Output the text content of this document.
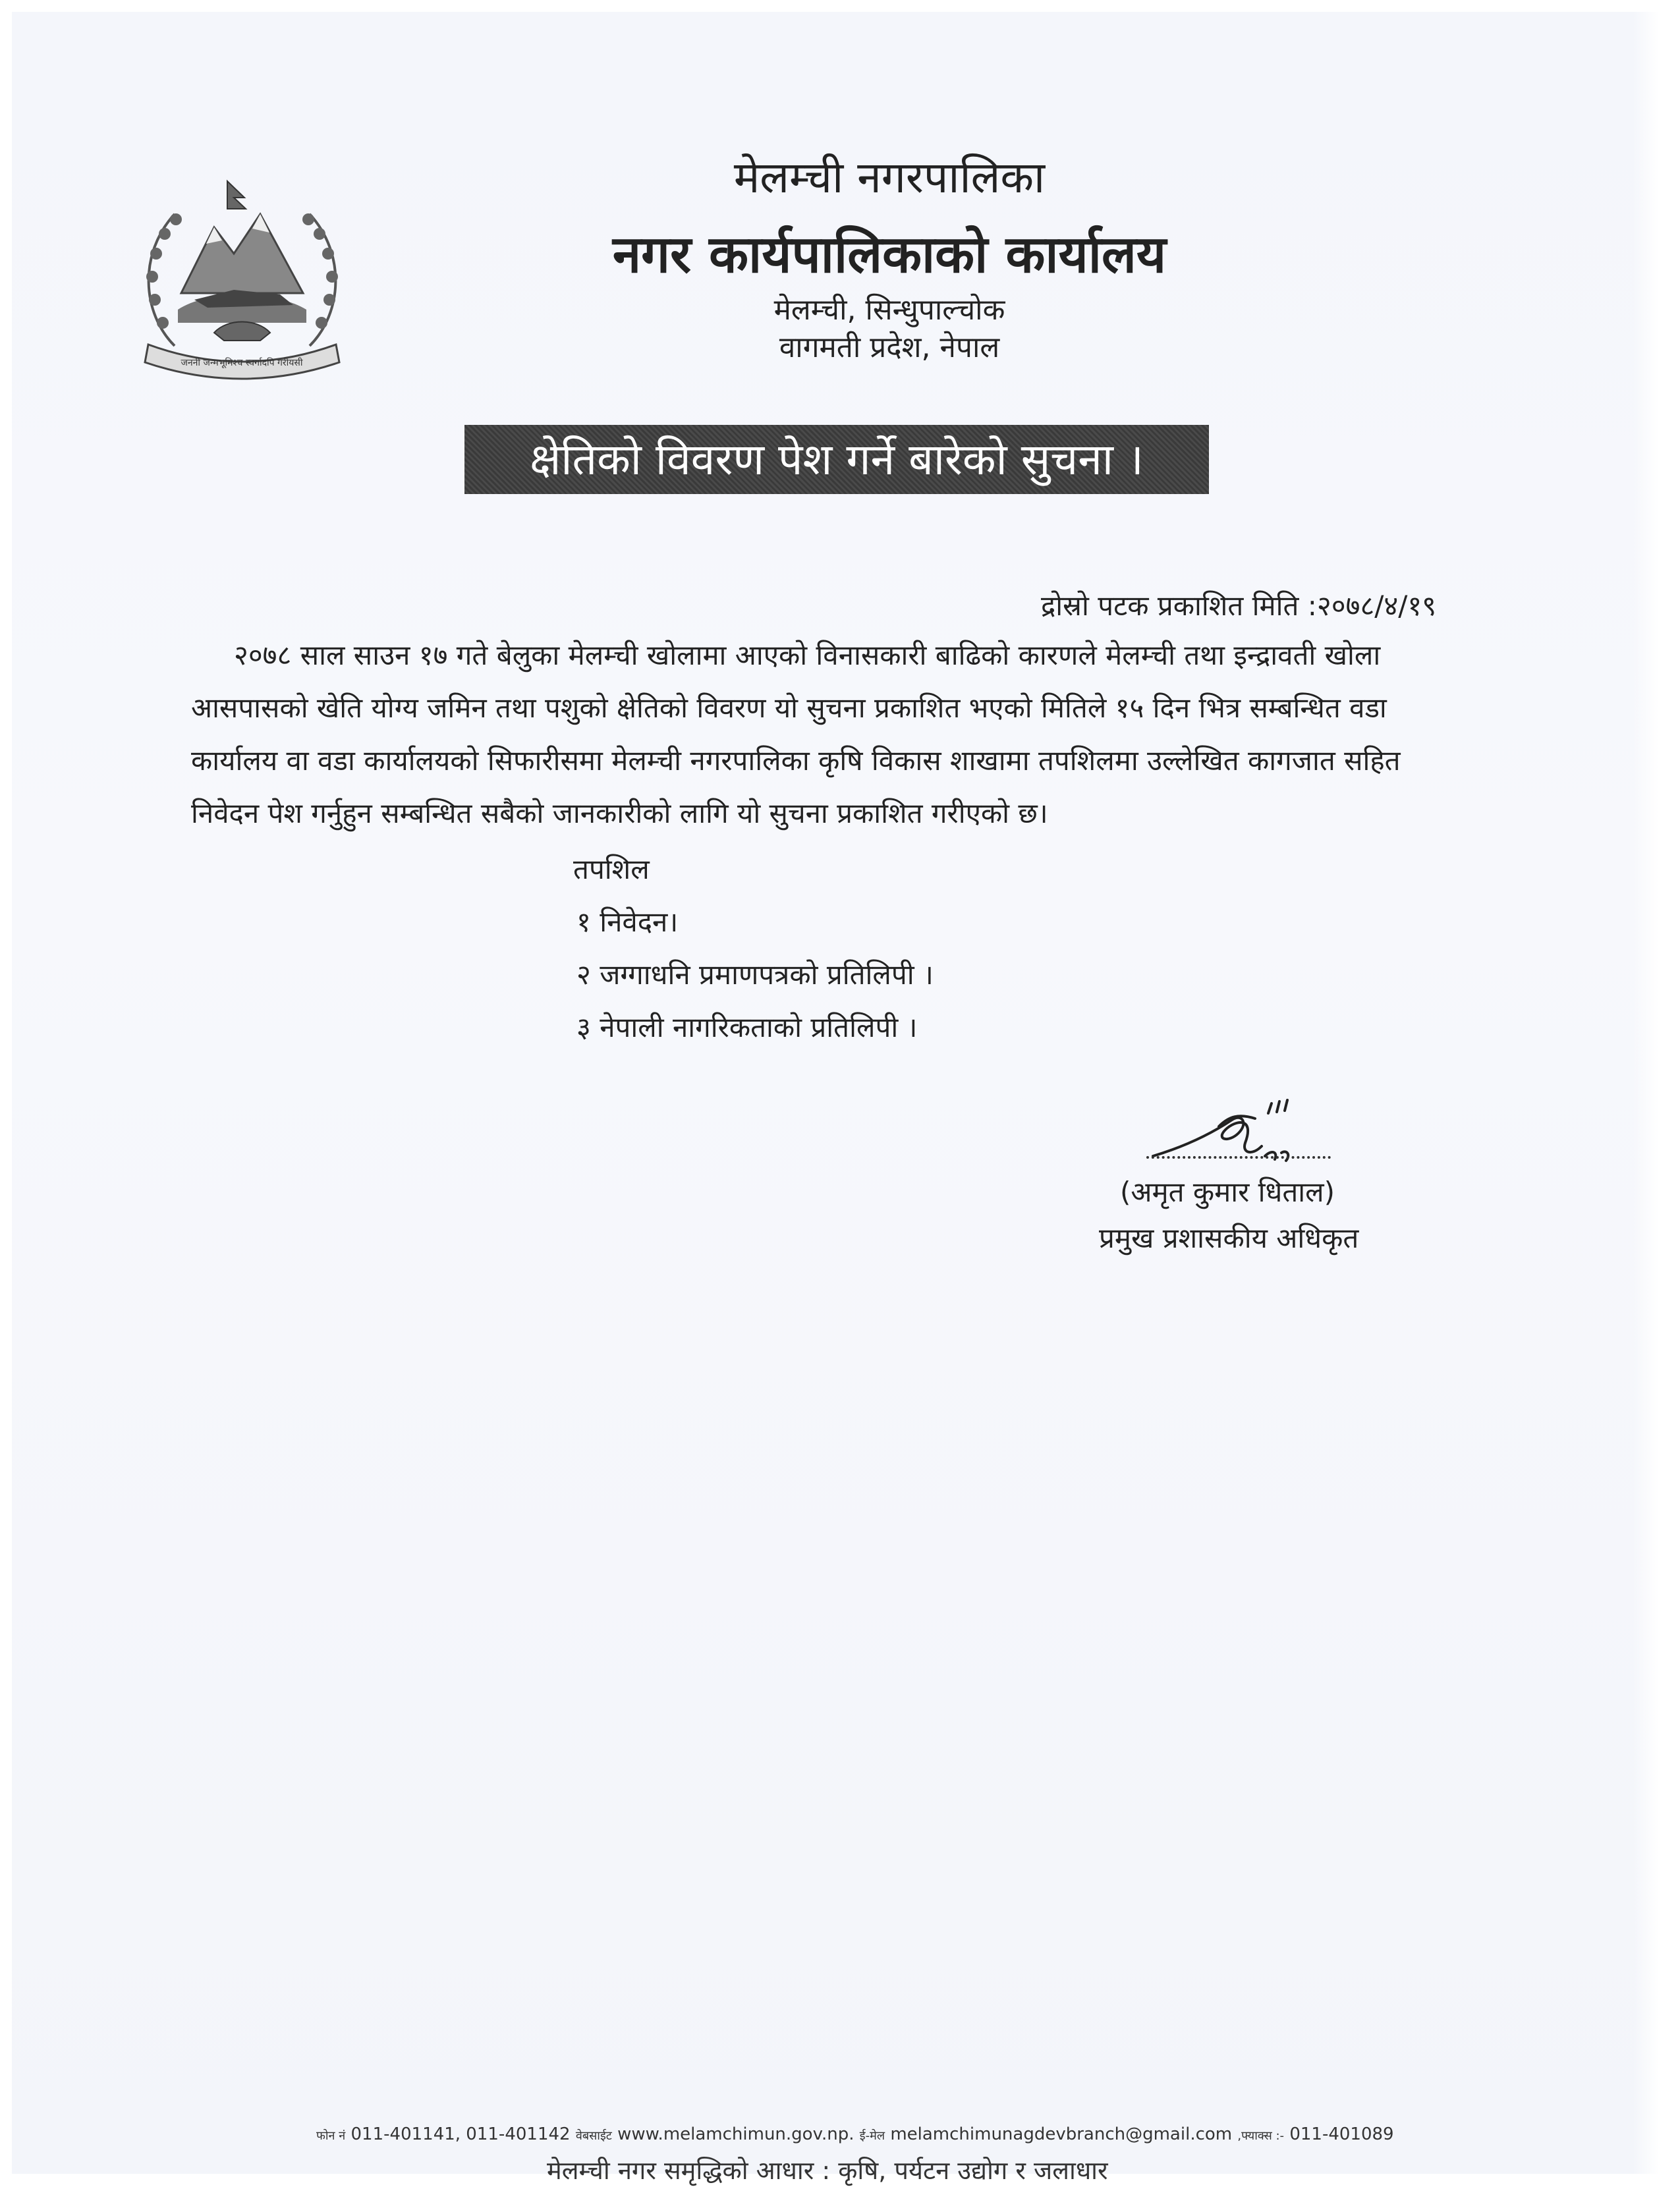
जननी जन्मभूमिश्च स्वर्गादपि गरीयसी
मेलम्ची नगरपालिका
नगर कार्यपालिकाको कार्यालय
मेलम्ची, सिन्धुपाल्चोक
वागमती प्रदेश, नेपाल
क्षेतिको विवरण पेश गर्ने बारेको सुचना ।
द्रोस्रो पटक प्रकाशित मिति :२०७८/४/१९
२०७८ साल साउन १७ गते बेलुका मेलम्ची खोलामा आएको विनासकारी बाढिको कारणले मेलम्ची तथा इन्द्रावती खोला
आसपासको खेति योग्य जमिन तथा पशुको क्षेतिको विवरण यो सुचना प्रकाशित भएको मितिले १५ दिन भित्र सम्बन्धित वडा
कार्यालय वा वडा कार्यालयको सिफारीसमा मेलम्ची नगरपालिका कृषि विकास शाखामा तपशिलमा उल्लेखित कागजात सहित
निवेदन पेश गर्नुहुन सम्बन्धित सबैको जानकारीको लागि यो सुचना प्रकाशित गरीएको छ।
तपशिल
१ निवेदन।
२ जग्गाधनि प्रमाणपत्रको प्रतिलिपी ।
३ नेपाली नागरिकताको प्रतिलिपी ।
(अमृत कुमार धिताल)
प्रमुख प्रशासकीय अधिकृत
फोन नं 011-401141, 011-401142 वेबसाईट www.melamchimun.gov.np. ई-मेल melamchimunagdevbranch@gmail.com ,फ्याक्स :- 011-401089
मेलम्ची नगर समृद्धिको आधार : कृषि, पर्यटन उद्योग र जलाधार
